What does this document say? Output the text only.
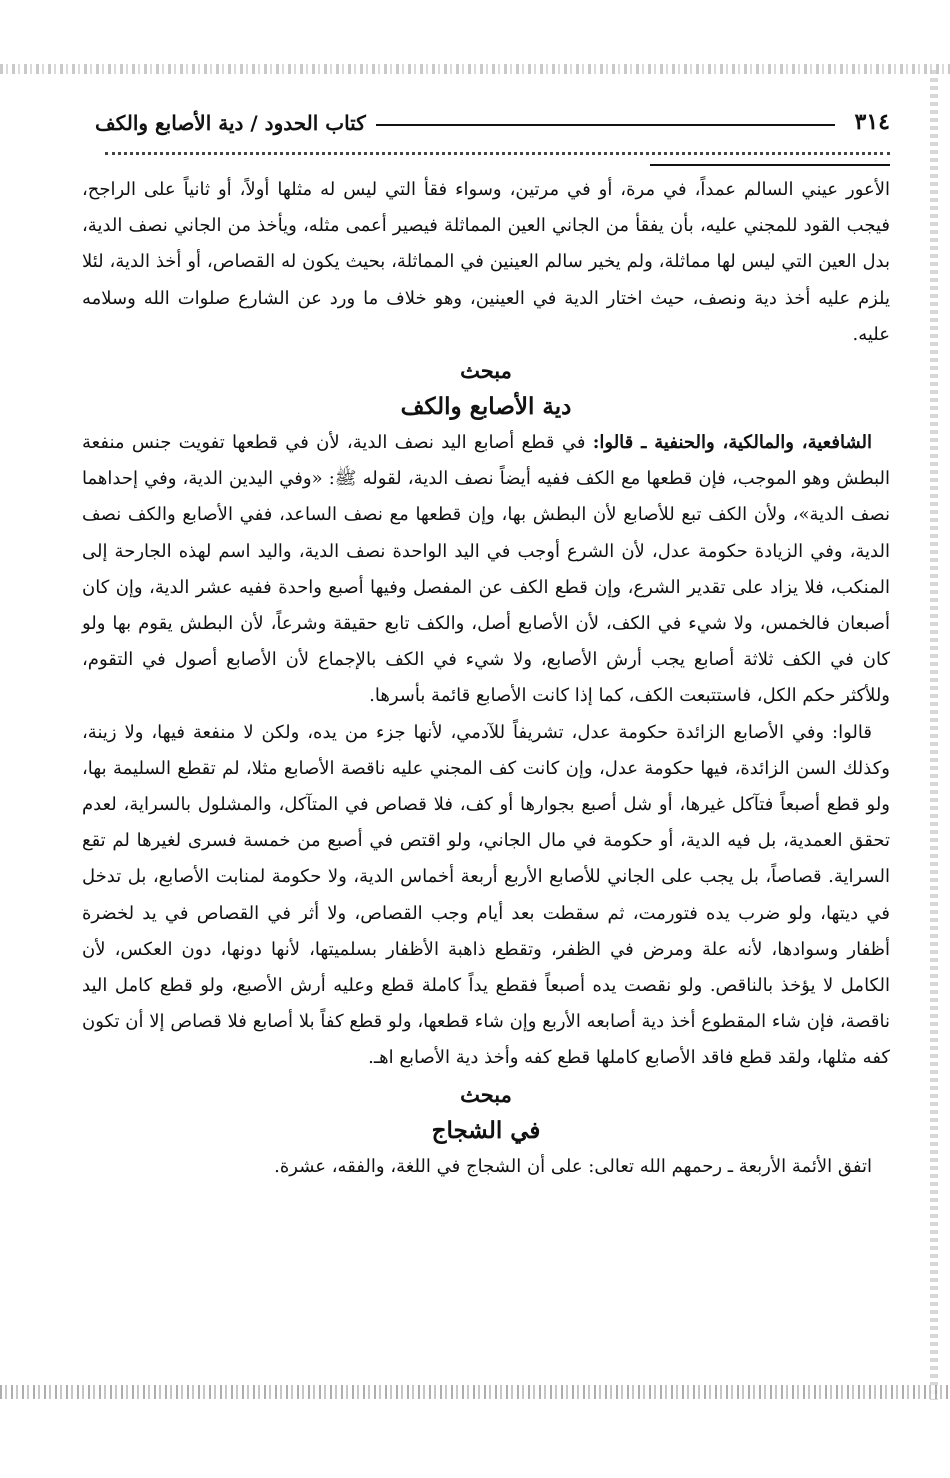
٣١٤
كتاب الحدود / دية الأصابع والكف

الأعور عيني السالم عمداً، في مرة، أو في مرتين، وسواء فقأ التي ليس له مثلها أولاً، أو ثانياً على الراجح، فيجب القود للمجني عليه، بأن يفقأ من الجاني العين المماثلة فيصير أعمى مثله، ويأخذ من الجاني نصف الدية، بدل العين التي ليس لها مماثلة، ولم يخير سالم العينين في المماثلة، بحيث يكون له القصاص، أو أخذ الدية، لئلا يلزم عليه أخذ دية ونصف، حيث اختار الدية في العينين، وهو خلاف ما ورد عن الشارع صلوات الله وسلامه عليه.

مبحث
دية الأصابع والكف

الشافعية، والمالكية، والحنفية ـ قالوا: في قطع أصابع اليد نصف الدية، لأن في قطعها تفويت جنس منفعة البطش وهو الموجب، فإن قطعها مع الكف ففيه أيضاً نصف الدية، لقوله ﷺ: «وفي اليدين الدية، وفي إحداهما نصف الدية»، ولأن الكف تبع للأصابع لأن البطش بها، وإن قطعها مع نصف الساعد، ففي الأصابع والكف نصف الدية، وفي الزيادة حكومة عدل، لأن الشرع أوجب في اليد الواحدة نصف الدية، واليد اسم لهذه الجارحة إلى المنكب، فلا يزاد على تقدير الشرع، وإن قطع الكف عن المفصل وفيها أصبع واحدة ففيه عشر الدية، وإن كان أصبعان فالخمس، ولا شيء في الكف، لأن الأصابع أصل، والكف تابع حقيقة وشرعاً، لأن البطش يقوم بها ولو كان في الكف ثلاثة أصابع يجب أرش الأصابع، ولا شيء في الكف بالإجماع لأن الأصابع أصول في التقوم، وللأكثر حكم الكل، فاستتبعت الكف، كما إذا كانت الأصابع قائمة بأسرها.

قالوا: وفي الأصابع الزائدة حكومة عدل، تشريفاً للآدمي، لأنها جزء من يده، ولكن لا منفعة فيها، ولا زينة، وكذلك السن الزائدة، فيها حكومة عدل، وإن كانت كف المجني عليه ناقصة الأصابع مثلا، لم تقطع السليمة بها، ولو قطع أصبعاً فتآكل غيرها، أو شل أصبع بجوارها أو كف، فلا قصاص في المتآكل، والمشلول بالسراية، لعدم تحقق العمدية، بل فيه الدية، أو حكومة في مال الجاني، ولو اقتص في أصبع من خمسة فسرى لغيرها لم تقع السراية. قصاصاً، بل يجب على الجاني للأصابع الأربع أربعة أخماس الدية، ولا حكومة لمنابت الأصابع، بل تدخل في ديتها، ولو ضرب يده فتورمت، ثم سقطت بعد أيام وجب القصاص، ولا أثر في القصاص في يد لخضرة أظفار وسوادها، لأنه علة ومرض في الظفر، وتقطع ذاهبة الأظفار بسلميتها، لأنها دونها، دون العكس، لأن الكامل لا يؤخذ بالناقص. ولو نقصت يده أصبعاً فقطع يداً كاملة قطع وعليه أرش الأصبع، ولو قطع كامل اليد ناقصة، فإن شاء المقطوع أخذ دية أصابعه الأربع وإن شاء قطعها، ولو قطع كفاً بلا أصابع فلا قصاص إلا أن تكون كفه مثلها، ولقد قطع فاقد الأصابع كاملها قطع كفه وأخذ دية الأصابع اهـ.

مبحث
في الشجاج

اتفق الأئمة الأربعة ـ رحمهم الله تعالى: على أن الشجاج في اللغة، والفقه، عشرة.
